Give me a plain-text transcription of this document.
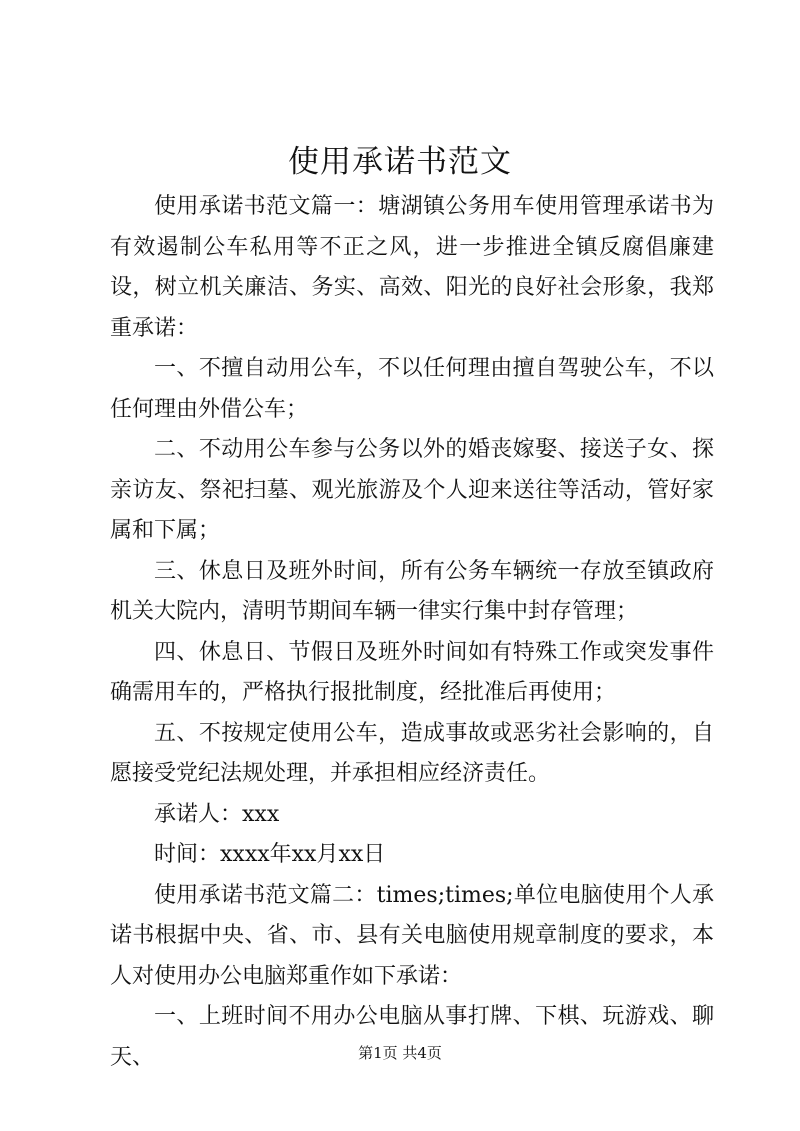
使用承诺书范文

使用承诺书范文篇一：塘湖镇公务用车使用管理承诺书为有效遏制公车私用等不正之风，进一步推进全镇反腐倡廉建设，树立机关廉洁、务实、高效、阳光的良好社会形象，我郑重承诺：

一、不擅自动用公车，不以任何理由擅自驾驶公车，不以任何理由外借公车；

二、不动用公车参与公务以外的婚丧嫁娶、接送子女、探亲访友、祭祀扫墓、观光旅游及个人迎来送往等活动，管好家属和下属；

三、休息日及班外时间，所有公务车辆统一存放至镇政府机关大院内，清明节期间车辆一律实行集中封存管理；

四、休息日、节假日及班外时间如有特殊工作或突发事件确需用车的，严格执行报批制度，经批准后再使用；

五、不按规定使用公车，造成事故或恶劣社会影响的，自愿接受党纪法规处理，并承担相应经济责任。

承诺人：xxx

时间：xxxx年xx月xx日

使用承诺书范文篇二：times;times;单位电脑使用个人承诺书根据中央、省、市、县有关电脑使用规章制度的要求，本人对使用办公电脑郑重作如下承诺：

一、上班时间不用办公电脑从事打牌、下棋、玩游戏、聊天、	第1页 共4页
